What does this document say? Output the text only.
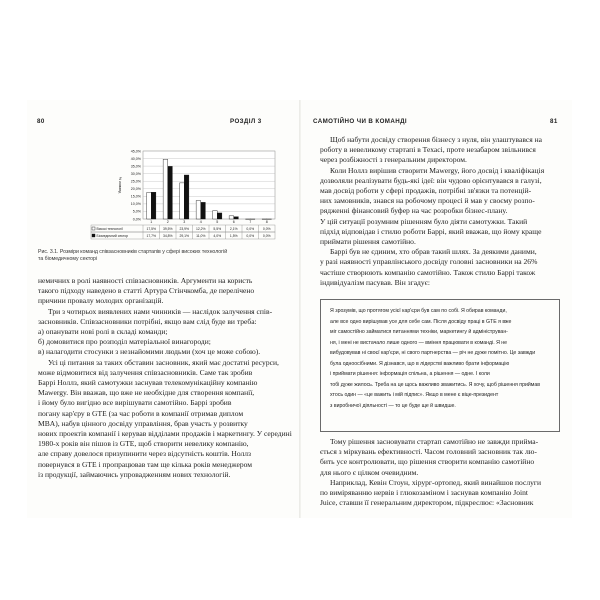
80	РОЗДІЛ 3	САМОТІЙНО ЧИ В КОМАНДІ	81
0,0%
5,0%
10,0%
15,0%
20,0%
25,0%
30,0%
35,0%
40,0%
45,0%
% команд
1	2	3	4	5	6	7	8
Високі технології	17,5% 39,5% 23,9% 12,2% 5,5%	2,1%	0,0%	0,0%
Біомедичний сектор	17,7% 34,8% 29,1% 11,0% 4,0%	1,5%	0,0%	0,0%
Рис. 3.1. Розміри команд співзасновників стартапів у сфері високих технологій
та біомедичному секторі
немичних в ролі наявності співзасновників. Аргументи на користь
такого підходу наведено в статті Артура Стінчкомба, де перелічено
причини провалу молодих організацій.
Три з чотирьох виявлених нами чинників — наслідок залучення спів-
засновників. Співзасновники потрібні, якщо вам слід буде ви треба:
а) опанувати нові ролі в складі команди;
б) домовитися про розподіл матеріальної винагороди;
в) налагодити стосунки з незнайомими людьми (хоч це може собою).
Усі ці питання за таких обставин засновник, який має достатні ресурси,
може відмовитися від залучення співзасновників. Саме так зробив
Баррі Ноллз, який самотужки заснував телекомунікаційну компанію
Mawergy. Він вважав, що вже не необхідне для створення компанії,
і йому було вигідно все вирішувати самотійно. Баррі зробив
погану кар'єру в GTE (за час роботи в компанії отримав диплом
MBA), набув цінного досвіду управління, брав участь у розвитку
нових проектів компанії і керував відділами продажів і маркетингу. У середині
1980-х років він пішов із GTE, щоб створити невелику компанію,
але справу довелося призупинити через відсутність коштів. Ноллз
повернувся в GTE і пропрацював там ще кілька років менеджером
із продукції, займаючись упровадженням нових технологій.
Щоб набути досвіду створення бізнесу з нуля, він улаштувався на
роботу в невеликому стартапі в Техасі, проте незабаром звільнився
через розбіжності з генеральним директором.
Коли Ноллз вирішив створити Mawergy, його досвід і кваліфікація
дозволяли реалізувати будь-які ідеї: він чудово орієнтувався в галузі,
мав досвід роботи у сфері продажів, потрібні зв'язки та потенцій-
них замовників, знався на робочому процесі й мав у своєму розпо-
рядженні фінансовий буфер на час розробки бізнес-плану.
У цій ситуації розумним рішенням було діяти самотужки. Такий
підхід відповідав і стилю роботи Баррі, який вважав, що йому краще
приймати рішення самотійно.
Баррі був не єдиним, хто обрав такий шлях. За деякими даними,
у разі наявності управлінського досвіду головні засновники на 26%
частіше створюють компанію самотійно. Також стилю Баррі також
індивідуалізм пасував. Він згадує:
Я зрозумів, що протягом усієї кар'єри був сам по собі. Я обирав команди,
але все одно вирішував усе для себе сам. Після досвіду праці в GTE я вже
міг самостійно займатися питаннями техніки, маркетингу й адмініструван-
ня, і мені не вистачало лише одного — вміння працювати в команді. Я не
вибудовував ні своєї кар'єри, ні свого партнерства — річ не дуже помітно. Це завжди
була одноосібними. Я дізнався, що в лідерстві важливо брати інформацію
і приймати рішення: інформація спільна, а рішення — одне. І коли
тобі дуже жилось. Треба на це щось важливо зважитись. Я хочу, щоб рішення приймав
хтось один — «це важить і мій підпис». Якщо в мене є віце-президент
з виробничої діяльності — то це буде ще й швидше.
Тому рішення засновувати стартап самотійно не завжди прийма-
ється з міркувань ефективності. Часом головний засновник так лю-
бить усе контролювати, що рішення створити компанію самотійно
для нього є цілком очевидним.
Наприклад, Кевін Стоун, хірург-ортопед, який винайшов послуги
по виміряванню нервів і глюкозаміном і заснував компанію Joint
Juice, ставши її генеральним директором, підкреслює: «Засновник
